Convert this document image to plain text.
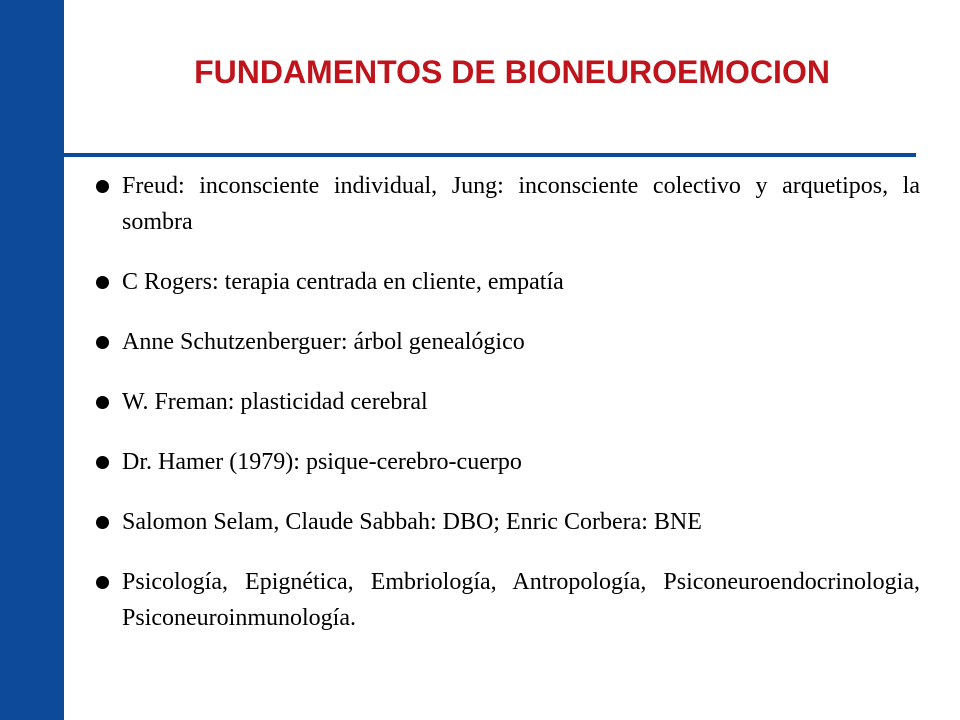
FUNDAMENTOS DE BIONEUROEMOCION
Freud: inconsciente individual, Jung: inconsciente colectivo y arquetipos, la sombra
C Rogers: terapia centrada en cliente, empatía
Anne Schutzenberguer: árbol genealógico
W. Freman: plasticidad cerebral
Dr. Hamer (1979): psique-cerebro-cuerpo
Salomon Selam, Claude Sabbah: DBO; Enric Corbera: BNE
Psicología, Epignética, Embriología, Antropología, Psiconeuroendocrinologia, Psiconeuroinmunología.
